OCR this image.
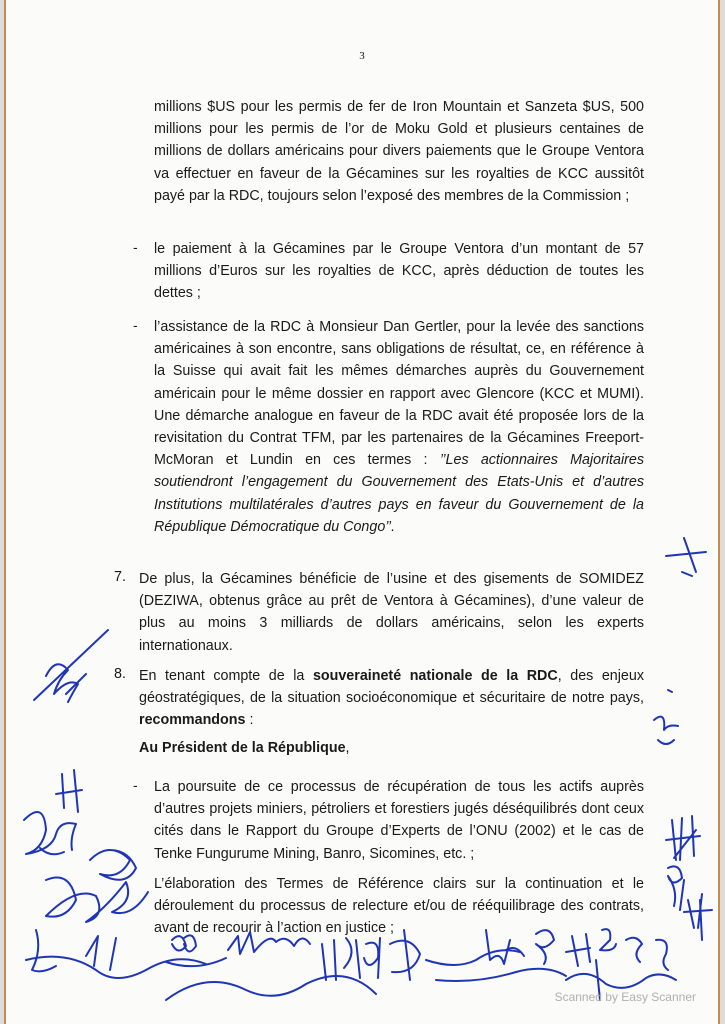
3

millions $US pour les permis de fer de Iron Mountain et Sanzeta $US, 500 millions pour les permis de l’or de Moku Gold et plusieurs centaines de millions de dollars américains pour divers paiements que le Groupe Ventora va effectuer en faveur de la Gécamines sur les royalties de KCC aussitôt payé par la RDC, toujours selon l’exposé des membres de la Commission ;

- le paiement à la Gécamines par le Groupe Ventora d’un montant de 57 millions d’Euros sur les royalties de KCC, après déduction de toutes les dettes ;

- l’assistance de la RDC à Monsieur Dan Gertler, pour la levée des sanctions américaines à son encontre, sans obligations de résultat, ce, en référence à la Suisse qui avait fait les mêmes démarches auprès du Gouvernement américain pour le même dossier en rapport avec Glencore (KCC et MUMI). Une démarche analogue en faveur de la RDC avait été proposée lors de la revisitation du Contrat TFM, par les partenaires de la Gécamines Freeport-McMoran et Lundin en ces termes : ’’Les actionnaires Majoritaires soutiendront l’engagement du Gouvernement des Etats-Unis et d’autres Institutions multilatérales d’autres pays en faveur du Gouvernement de la République Démocratique du Congo’’.

7. De plus, la Gécamines bénéficie de l’usine et des gisements de SOMIDEZ (DEZIWA, obtenus grâce au prêt de Ventora à Gécamines), d’une valeur de plus au moins 3 milliards de dollars américains, selon les experts internationaux.

8. En tenant compte de la souveraineté nationale de la RDC, des enjeux géostratégiques, de la situation socioéconomique et sécuritaire de notre pays, recommandons :

Au Président de la République,
- La poursuite de ce processus de récupération de tous les actifs auprès d’autres projets miniers, pétroliers et forestiers jugés déséquilibrés dont ceux cités dans le Rapport du Groupe d’Experts de l’ONU (2002) et le cas de Tenke Fungurume Mining, Banro, Sicomines, etc. ;

L’élaboration des Termes de Référence clairs sur la continuation et le déroulement du processus de relecture et/ou de rééquilibrage des contrats, avant de recourir à l’action en justice ;

Scanned by Easy Scanner
